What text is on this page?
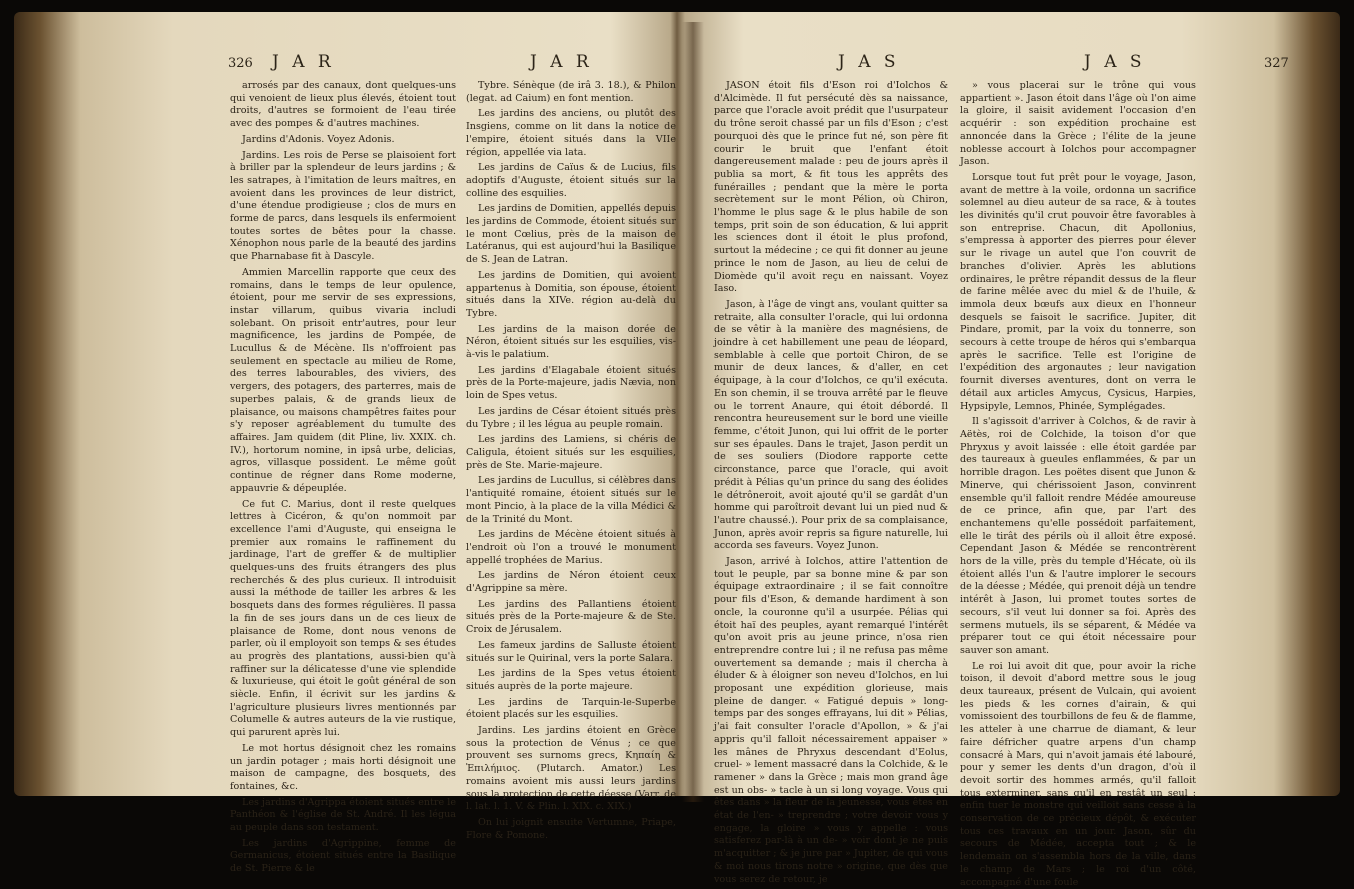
326 J A R	J A R

arrosés par des canaux, dont quelques-uns qui venoient de lieux plus élevés, étoient tout droits, d'autres se formoient de l'eau tirée avec des pompes & d'autres machines.

Jardins d'Adonis. Voyez Adonis.

Jardins. Les rois de Perse se plaisoient fort à briller par la splendeur de leurs jardins ; & les satrapes, à l'imitation de leurs maîtres, en avoient dans les provinces de leur district, d'une étendue prodigieuse ; clos de murs en forme de parcs, dans lesquels ils enfermoient toutes sortes de bêtes pour la chasse. Xénophon nous parle de la beauté des jardins que Pharnabase fit à Dascyle.

Ammien Marcellin rapporte que ceux des romains, dans le temps de leur opulence, étoient, pour me servir de ses expressions, instar villarum, quibus vivaria includi solebant. On prisoit entr'autres, pour leur magnificence, les jardins de Pompée, de Lucullus & de Mécène. Ils n'offroient pas seulement en spectacle au milieu de Rome, des terres labourables, des viviers, des vergers, des potagers, des parterres, mais de superbes palais, & de grands lieux de plaisance, ou maisons champêtres faites pour s'y reposer agréablement du tumulte des affaires. Jam quidem (dit Pline, liv. XXIX. ch. IV.), hortorum nomine, in ipsâ urbe, delicias, agros, villasque possident. Le même goût continue de régner dans Rome moderne, appauvrie & dépeuplée.

Ce fut C. Marius, dont il reste quelques lettres à Cicéron, & qu'on nommoit par excellence l'ami d'Auguste, qui enseigna le premier aux romains le raffinement du jardinage, l'art de greffer & de multiplier quelques-uns des fruits étrangers des plus recherchés & des plus curieux. Il introduisit aussi la méthode de tailler les arbres & les bosquets dans des formes régulières. Il passa la fin de ses jours dans un de ces lieux de plaisance de Rome, dont nous venons de parler, où il employoit son temps & ses études au progrès des plantations, aussi-bien qu'à raffiner sur la délicatesse d'une vie splendide & luxurieuse, qui étoit le goût général de son siècle. Enfin, il écrivit sur les jardins & l'agriculture plusieurs livres mentionnés par Columelle & autres auteurs de la vie rustique, qui parurent après lui.

Le mot hortus désignoit chez les romains un jardin potager ; mais horti désignoit une maison de campagne, des bosquets, des fontaines, &c.

Les jardins d'Agrippa étoient situés entre le Panthéon & l'église de St. André. Il les légua au peuple dans son testament.

Les jardins d'Agrippine, femme de Germanicus, étoient situés entre la Basilique de St. Pierre & le

Tybre. Sénèque (de irâ 3. 18.), & Philon (legat. ad Caium) en font mention.

Les jardins des anciens, ou plutôt des Insgiens, comme on lit dans la notice de l'empire, étoient situés dans la VIIe région, appellée via lata.

Les jardins de Caïus & de Lucius, fils adoptifs d'Auguste, étoient situés sur la colline des esquilies.

Les jardins de Domitien, appellés depuis les jardins de Commode, étoient situés sur le mont Cœlius, près de la maison de Latéranus, qui est aujourd'hui la Basilique de S. Jean de Latran.

Les jardins de Domitien, qui avoient appartenus à Domitia, son épouse, étoient situés dans la XIVe. région au-delà du Tybre.

Les jardins de la maison dorée de Néron, étoient situés sur les esquilies, vis-à-vis le palatium.

Les jardins d'Elagabale étoient situés près de la Porte-majeure, jadis Nævia, non loin de Spes vetus.

Les jardins de César étoient situés près du Tybre ; il les légua au peuple romain.

Les jardins des Lamiens, si chéris de Caligula, étoient situés sur les esquilies, près de Ste. Marie-majeure.

Les jardins de Lucullus, si célèbres dans l'antiquité romaine, étoient situés sur le mont Pincio, à la place de la villa Médici & de la Trinité du Mont.

Les jardins de Mécène étoient situés à l'endroit où l'on a trouvé le monument appellé trophées de Marius.

Les jardins de Néron étoient ceux d'Agrippine sa mère.

Les jardins des Pallantiens étoient situés près de la Porte-majeure & de Ste. Croix de Jérusalem.

Les fameux jardins de Salluste étoient situés sur le Quirinal, vers la porte Salara.

Les jardins de la Spes vetus étoient situés auprès de la porte majeure.

Les jardins de Tarquin-le-Superbe étoient placés sur les esquilies.

Jardins. Les jardins étoient en Grèce sous la protection de Vénus ; ce que prouvent ses surnoms grecs, Κηπαίη & Ἐπιλήμιος. (Plutarch. Amator.) Les romains avoient mis aussi leurs jardins sous la protection de cette déesse (Varr. de l. lat. l. 1. V. & Plin. l. XIX. c. XIX.)

On lui joignit ensuite Vertumne, Priape, Flore & Pomone.

J A S	J A S	327

JASON étoit fils d'Eson roi d'Iolchos & d'Alcimède. Il fut persécuté dès sa naissance, parce que l'oracle avoit prédit que l'usurpateur du trône seroit chassé par un fils d'Eson ; c'est pourquoi dès que le prince fut né, son père fit courir le bruit que l'enfant étoit dangereusement malade : peu de jours après il publia sa mort, & fit tous les apprêts des funérailles ; pendant que la mère le porta secrètement sur le mont Pélion, où Chiron, l'homme le plus sage & le plus habile de son temps, prit soin de son éducation, & lui apprit les sciences dont il étoit le plus profond, surtout la médecine ; ce qui fit donner au jeune prince le nom de Jason, au lieu de celui de Diomède qu'il avoit reçu en naissant. Voyez Iaso.

Jason, à l'âge de vingt ans, voulant quitter sa retraite, alla consulter l'oracle, qui lui ordonna de se vêtir à la manière des magnésiens, de joindre à cet habillement une peau de léopard, semblable à celle que portoit Chiron, de se munir de deux lances, & d'aller, en cet équipage, à la cour d'Iolchos, ce qu'il exécuta. En son chemin, il se trouva arrêté par le fleuve ou le torrent Anaure, qui étoit débordé. Il rencontra heureusement sur le bord une vieille femme, c'étoit Junon, qui lui offrit de le porter sur ses épaules. Dans le trajet, Jason perdit un de ses souliers (Diodore rapporte cette circonstance, parce que l'oracle, qui avoit prédit à Pélias qu'un prince du sang des éolides le détrôneroit, avoit ajouté qu'il se gardât d'un homme qui paroîtroit devant lui un pied nud & l'autre chaussé.). Pour prix de sa complaisance, Junon, après avoir repris sa figure naturelle, lui accorda ses faveurs. Voyez Junon.

Jason, arrivé à Iolchos, attire l'attention de tout le peuple, par sa bonne mine & par son équipage extraordinaire ; il se fait connoître pour fils d'Eson, & demande hardiment à son oncle, la couronne qu'il a usurpée. Pélias qui étoit haï des peuples, ayant remarqué l'intérêt qu'on avoit pris au jeune prince, n'osa rien entreprendre contre lui ; il ne refusa pas même ouvertement sa demande ; mais il chercha à éluder & à éloigner son neveu d'Iolchos, en lui proposant une expédition glorieuse, mais pleine de danger. « Fatigué depuis » long-temps par des songes effrayans, lui dit » Pélias, j'ai fait consulter l'oracle d'Apollon, » & j'ai appris qu'il falloit nécessairement appaiser » les mânes de Phryxus descendant d'Eolus, cruel- » lement massacré dans la Colchide, & le ramener » dans la Grèce ; mais mon grand âge est un obs- » tacle à un si long voyage. Vous qui êtes dans » la fleur de la jeunesse, vous êtes en état de l'en- » treprendre ; votre devoir vous y engage, la gloire » vous y appelle : vous satisferez par-là à un de- » voir dont je ne puis m'acquitter ; & je jure par » Jupiter, de qui vous & moi nous tirons notre » origine, que dès que vous serez de retour, je

» vous placerai sur le trône qui vous appartient ». Jason étoit dans l'âge où l'on aime la gloire, il saisit avidement l'occasion d'en acquérir : son expédition prochaine est annoncée dans la Grèce ; l'élite de la jeune noblesse accourt à Iolchos pour accompagner Jason.

Lorsque tout fut prêt pour le voyage, Jason, avant de mettre à la voile, ordonna un sacrifice solemnel au dieu auteur de sa race, & à toutes les divinités qu'il crut pouvoir être favorables à son entreprise. Chacun, dit Apollonius, s'empressa à apporter des pierres pour élever sur le rivage un autel que l'on couvrit de branches d'olivier. Après les ablutions ordinaires, le prêtre répandit dessus de la fleur de farine mêlée avec du miel & de l'huile, & immola deux bœufs aux dieux en l'honneur desquels se faisoit le sacrifice. Jupiter, dit Pindare, promit, par la voix du tonnerre, son secours à cette troupe de héros qui s'embarqua après le sacrifice. Telle est l'origine de l'expédition des argonautes ; leur navigation fournit diverses aventures, dont on verra le détail aux articles Amycus, Cysicus, Harpies, Hypsipyle, Lemnos, Phinée, Symplégades.

Il s'agissoit d'arriver à Colchos, & de ravir à Aëtès, roi de Colchide, la toison d'or que Phryxus y avoit laissée : elle étoit gardée par des taureaux à gueules enflammées, & par un horrible dragon. Les poëtes disent que Junon & Minerve, qui chérissoient Jason, convinrent ensemble qu'il falloit rendre Médée amoureuse de ce prince, afin que, par l'art des enchantemens qu'elle possédoit parfaitement, elle le tirât des périls où il alloit être exposé. Cependant Jason & Médée se rencontrèrent hors de la ville, près du temple d'Hécate, où ils étoient allés l'un & l'autre implorer le secours de la déesse ; Médée, qui prenoit déjà un tendre intérêt à Jason, lui promet toutes sortes de secours, s'il veut lui donner sa foi. Après des sermens mutuels, ils se séparent, & Médée va préparer tout ce qui étoit nécessaire pour sauver son amant.

Le roi lui avoit dit que, pour avoir la riche toison, il devoit d'abord mettre sous le joug deux taureaux, présent de Vulcain, qui avoient les pieds & les cornes d'airain, & qui vomissoient des tourbillons de feu & de flamme, les atteler à une charrue de diamant, & leur faire défricher quatre arpens d'un champ consacré à Mars, qui n'avoit jamais été labouré, pour y semer les dents d'un dragon, d'où il devoit sortir des hommes armés, qu'il falloit tous exterminer, sans qu'il en restât un seul ; enfin tuer le monstre qui veilloit sans cesse à la conservation de ce précieux dépôt, & exécuter tous ces travaux en un jour. Jason, sûr du secours de Médée, accepta tout ; & le lendemain on s'assembla hors de la ville, dans le champ de Mars ; le roi d'un côté, accompagné d'une foule
